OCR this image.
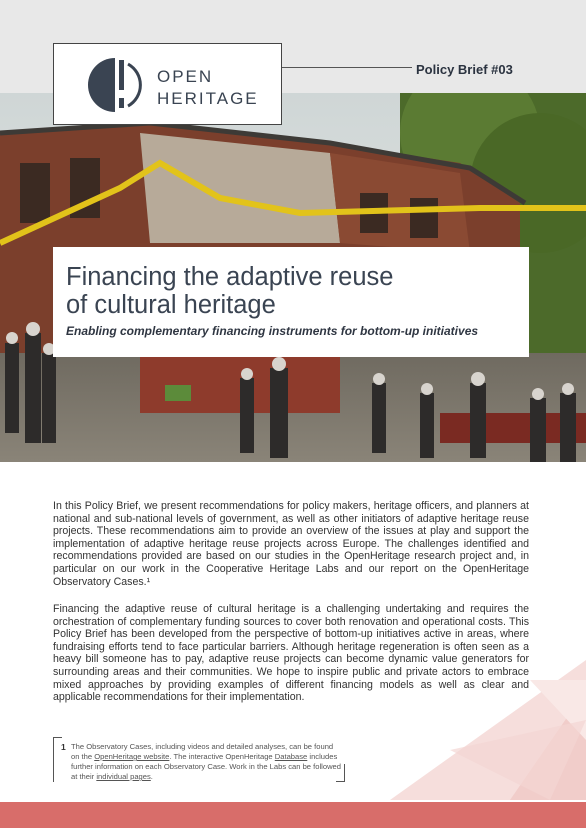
OPEN
HERITAGE
Policy Brief #03
Financing the adaptive reuse
of cultural heritage
Enabling complementary financing instruments for bottom-up initiatives
In this Policy Brief, we present recommendations for policy makers, heritage officers, and planners at national and sub-national levels of government, as well as other initiators of adaptive heritage reuse projects. These recommendations aim to provide an overview of the issues at play and support the implementation of adaptive heritage reuse projects across Europe. The challenges identified and recommendations provided are based on our studies in the OpenHeritage research project and, in particular on our work in the Cooperative Heritage Labs and our report on the OpenHeritage Observatory Cases.¹
Financing the adaptive reuse of cultural heritage is a challenging undertaking and requires the orchestration of complementary funding sources to cover both renovation and operational costs. This Policy Brief has been developed from the perspective of bottom-up initiatives active in areas, where fundraising efforts tend to face particular barriers. Although heritage regeneration is often seen as a heavy bill someone has to pay, adaptive reuse projects can become dynamic value generators for surrounding areas and their communities. We hope to inspire public and private actors to embrace mixed approaches by providing examples of different financing models as well as clear and applicable recommendations for their implementation.
1 The Observatory Cases, including videos and detailed analyses, can be found on the OpenHeritage website. The interactive OpenHeritage Database includes further information on each Observatory Case. Work in the Labs can be followed at their individual pages.
